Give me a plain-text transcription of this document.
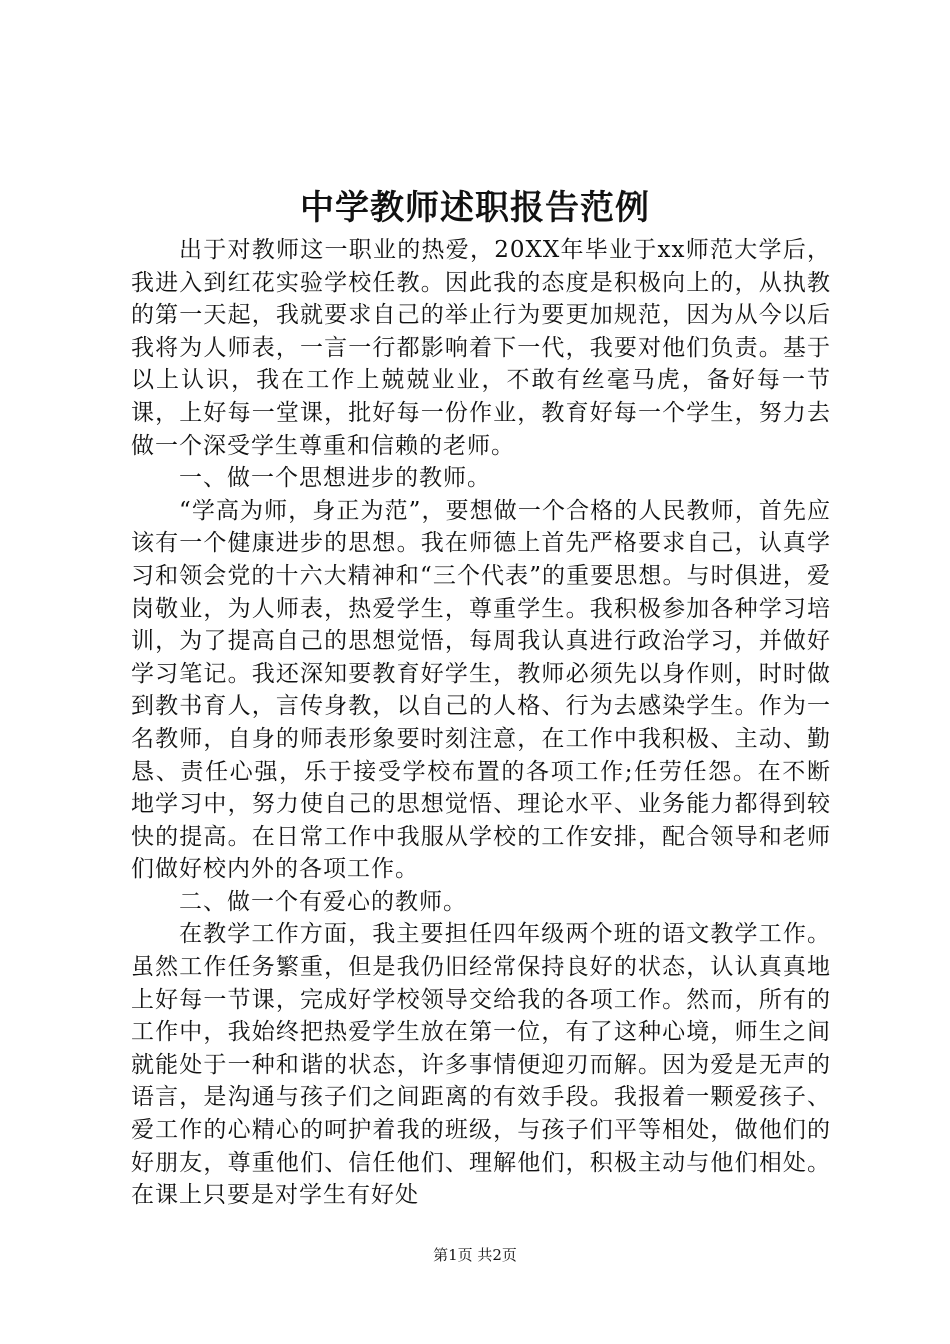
中学教师述职报告范例

出于对教师这一职业的热爱，20XX年毕业于xx师范大学后，我进入到红花实验学校任教。因此我的态度是积极向上的，从执教的第一天起，我就要求自己的举止行为要更加规范，因为从今以后我将为人师表，一言一行都影响着下一代，我要对他们负责。基于以上认识，我在工作上兢兢业业，不敢有丝毫马虎，备好每一节课，上好每一堂课，批好每一份作业，教育好每一个学生，努力去做一个深受学生尊重和信赖的老师。

一、做一个思想进步的教师。

“学高为师，身正为范”，要想做一个合格的人民教师，首先应该有一个健康进步的思想。我在师德上首先严格要求自己，认真学习和领会党的十六大精神和“三个代表”的重要思想。与时俱进，爱岗敬业，为人师表，热爱学生，尊重学生。我积极参加各种学习培训，为了提高自己的思想觉悟，每周我认真进行政治学习，并做好学习笔记。我还深知要教育好学生，教师必须先以身作则，时时做到教书育人，言传身教，以自己的人格、行为去感染学生。作为一名教师，自身的师表形象要时刻注意，在工作中我积极、主动、勤恳、责任心强，乐于接受学校布置的各项工作;任劳任怨。在不断地学习中，努力使自己的思想觉悟、理论水平、业务能力都得到较快的提高。在日常工作中我服从学校的工作安排，配合领导和老师们做好校内外的各项工作。

二、做一个有爱心的教师。

在教学工作方面，我主要担任四年级两个班的语文教学工作。虽然工作任务繁重，但是我仍旧经常保持良好的状态，认认真真地上好每一节课，完成好学校领导交给我的各项工作。然而，所有的工作中，我始终把热爱学生放在第一位，有了这种心境，师生之间就能处于一种和谐的状态，许多事情便迎刃而解。因为爱是无声的语言，是沟通与孩子们之间距离的有效手段。我报着一颗爱孩子、爱工作的心精心的呵护着我的班级，与孩子们平等相处，做他们的好朋友，尊重他们、信任他们、理解他们，积极主动与他们相处。在课上只要是对学生有好处

第1页 共2页
